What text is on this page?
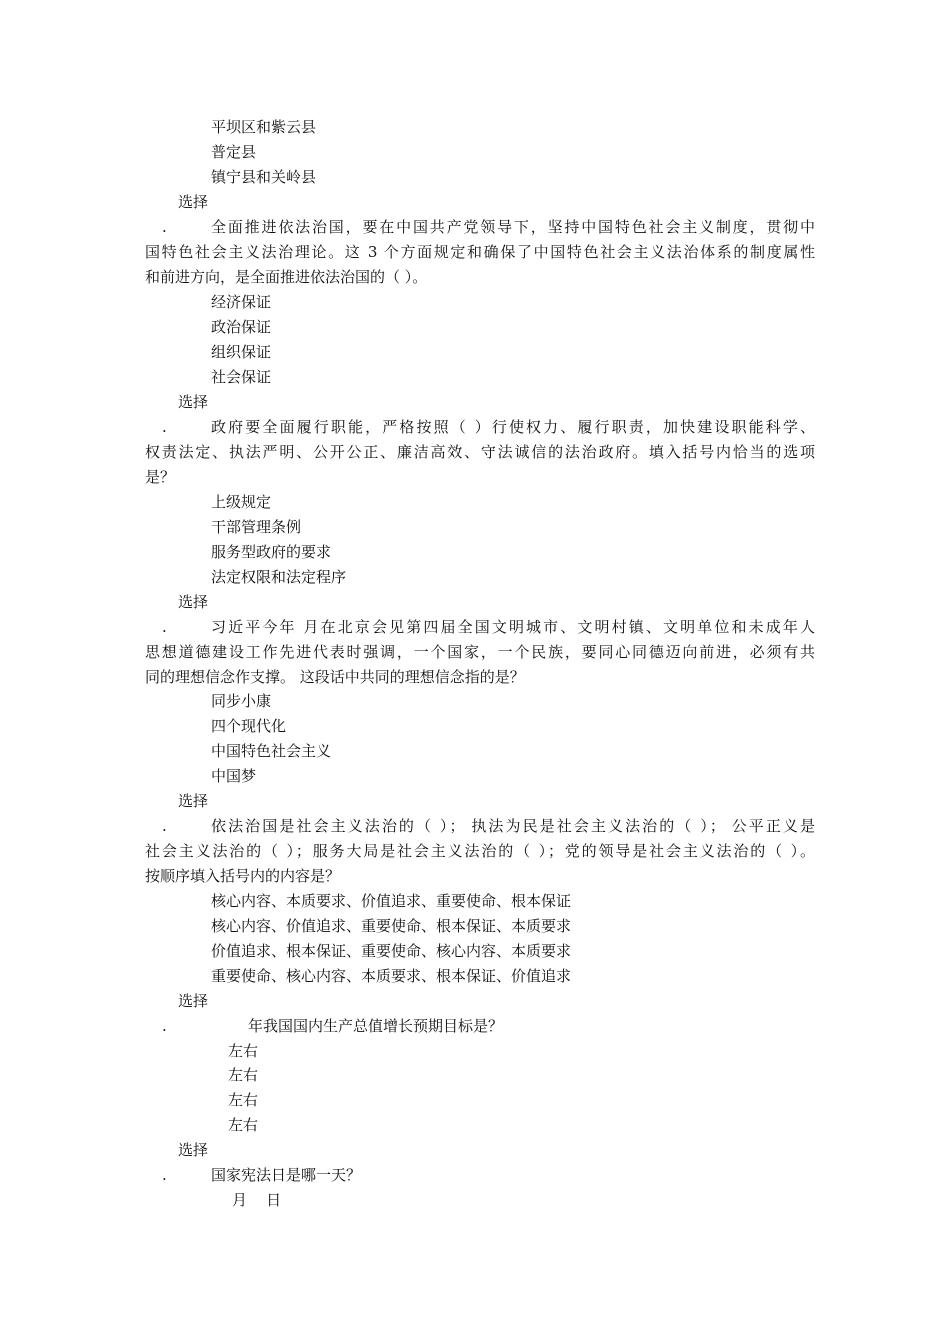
平坝区和紫云县
普定县
镇宁县和关岭县
选择
.	全面推进依法治国，要在中国共产党领导下，坚持中国特色社会主义制度，贯彻中
国特色社会主义法治理论。这 3 个方面规定和确保了中国特色社会主义法治体系的制度属性
和前进方向，是全面推进依法治国的（ ）。
经济保证
政治保证
组织保证
社会保证
选择
.	政府要全面履行职能，严格按照（ ）行使权力、履行职责，加快建设职能科学、
权责法定、执法严明、公开公正、廉洁高效、守法诚信的法治政府。填入括号内恰当的选项
是？
上级规定
干部管理条例
服务型政府的要求
法定权限和法定程序
选择
.	习近平今年 月在北京会见第四届全国文明城市、文明村镇、文明单位和未成年人
思想道德建设工作先进代表时强调，一个国家，一个民族，要同心同德迈向前进，必须有共
同的理想信念作支撑。 这段话中共同的理想信念指的是？
同步小康
四个现代化
中国特色社会主义
中国梦
选择
.	依法治国是社会主义法治的（ ）； 执法为民是社会主义法治的（ ）； 公平正义是
社会主义法治的（ ）；服务大局是社会主义法治的（ ）；党的领导是社会主义法治的（ ）。
按顺序填入括号内的内容是？
核心内容、本质要求、价值追求、重要使命、根本保证
核心内容、价值追求、重要使命、根本保证、本质要求
价值追求、根本保证、重要使命、核心内容、本质要求
重要使命、核心内容、本质要求、根本保证、价值追求
选择
.	年我国国内生产总值增长预期目标是？
左右
左右
左右
左右
选择
.	国家宪法日是哪一天？
月    日
